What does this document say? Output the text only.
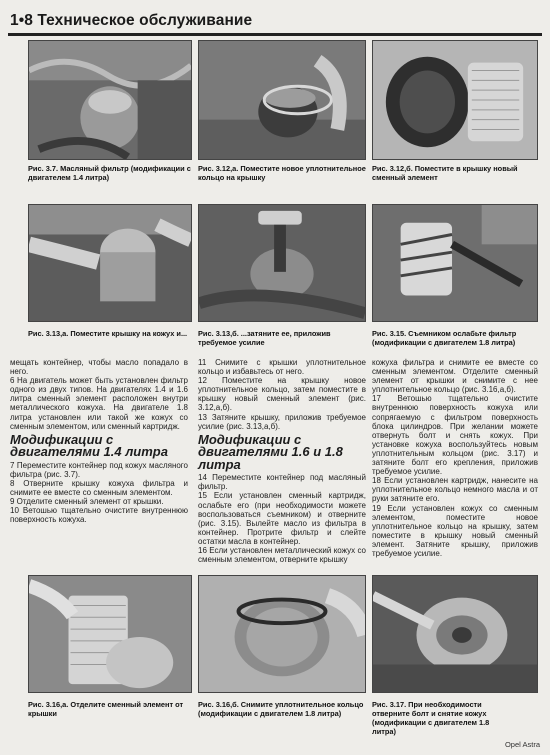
1•8 Техническое обслуживание
Рис. 3.7. Масляный фильтр (модификации с двигателем 1.4 литра)
Рис. 3.12,а. Поместите новое уплотнительное кольцо на крышку
Рис. 3.12,б. Поместите в крышку новый сменный элемент
Рис. 3.13,а. Поместите крышку на кожух и...	Рис. 3.13,б. ...затяните ее, приложив требуемое усилие
Рис. 3.15. Съемником ослабьте фильтр (модификации с двигателем 1.8 литра)

мещать контейнер, чтобы масло попадало в него.

6 На двигатель может быть установлен фильтр одного из двух типов. На двигателях 1.4 и 1.6 литра сменный элемент расположен внутри металлического кожуха. На двигателе 1.8 литра установлен или такой же кожух со сменным элементом, или сменный картридж.

Модификации с двигателями 1.4 литра

7 Переместите контейнер под кожух масляного фильтра (рис. 3.7).

8 Отверните крышку кожуха фильтра и снимите ее вместе со сменным элементом.

9 Отделите сменный элемент от крышки.

10 Ветошью тщательно очистите внутреннюю поверхность кожуха.

11 Снимите с крышки уплотнительное кольцо и избавьтесь от него.

12 Поместите на крышку новое уплотнительное кольцо, затем поместите в крышку новый сменный элемент (рис. 3.12,а,б).

13 Затяните крышку, приложив требуемое усилие (рис. 3.13,а,б).

Модификации с двигателями 1.6 и 1.8 литра

14 Переместите контейнер под масляный фильтр.

15 Если установлен сменный картридж, ослабьте его (при необходимости можете воспользоваться съемником) и отверните (рис. 3.15). Вылейте масло из фильтра в контейнер. Протрите фильтр и слейте остатки масла в контейнер.

16 Если установлен металлический кожух со сменным элементом, отверните крышку

кожуха фильтра и снимите ее вместе со сменным элементом. Отделите сменный элемент от крышки и снимите с нее уплотнительное кольцо (рис. 3.16,а,б).

17 Ветошью тщательно очистите внутреннюю поверхность кожуха или сопрягаемую с фильтром поверхность блока цилиндров. При желании можете отвернуть болт и снять кожух. При установке кожуха воспользуйтесь новым уплотнительным кольцом (рис. 3.17) и затяните болт его крепления, приложив требуемое усилие.

18 Если установлен картридж, нанесите на уплотнительное кольцо немного масла и от руки затяните его.

19 Если установлен кожух со сменным элементом, поместите новое уплотнительное кольцо на крышку, затем поместите в крышку новый сменный элемент. Затяните крышку, приложив требуемое усилие.

Рис. 3.16,а. Отделите сменный элемент от крышки
Рис. 3.16,б. Снимите уплотнительное кольцо (модификации с двигателем 1.8 литра)
Рис. 3.17. При необходимости отверните болт и снятие кожух (модификации с двигателем 1.8 литра)
Opel Astra
